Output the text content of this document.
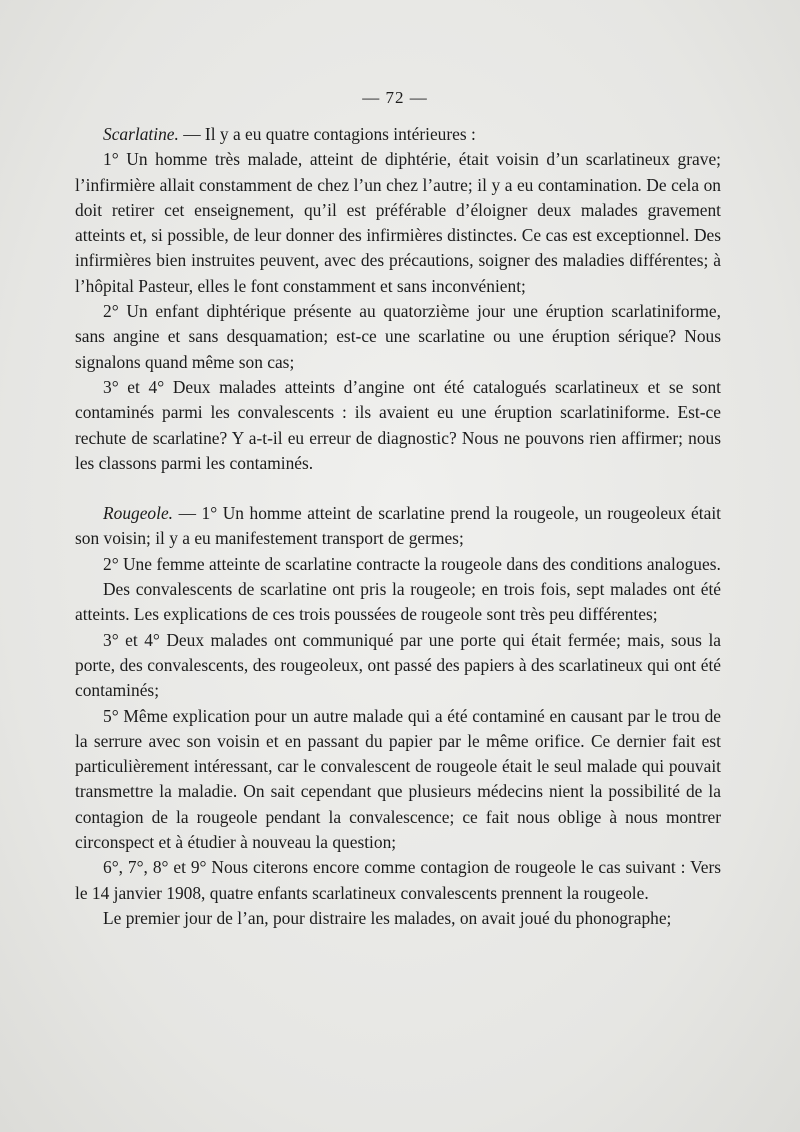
— 72 —

Scarlatine. — Il y a eu quatre contagions intérieures :

1° Un homme très malade, atteint de diphtérie, était voisin d’un scarlatineux grave; l’infirmière allait constamment de chez l’un chez l’autre; il y a eu contamination. De cela on doit retirer cet enseignement, qu’il est préférable d’éloigner deux malades gravement atteints et, si possible, de leur donner des infirmières distinctes. Ce cas est exceptionnel. Des infirmières bien instruites peuvent, avec des précautions, soigner des maladies différentes; à l’hôpital Pasteur, elles le font constamment et sans inconvénient;

2° Un enfant diphtérique présente au quatorzième jour une éruption scarlatiniforme, sans angine et sans desquamation; est-ce une scarlatine ou une éruption sérique? Nous signalons quand même son cas;

3° et 4° Deux malades atteints d’angine ont été catalogués scarlatineux et se sont contaminés parmi les convalescents : ils avaient eu une éruption scarlatiniforme. Est-ce rechute de scarlatine? Y a-t-il eu erreur de diagnostic? Nous ne pouvons rien affirmer; nous les classons parmi les contaminés.

Rougeole. — 1° Un homme atteint de scarlatine prend la rougeole, un rougeoleux était son voisin; il y a eu manifestement transport de germes;

2° Une femme atteinte de scarlatine contracte la rougeole dans des conditions analogues.

Des convalescents de scarlatine ont pris la rougeole; en trois fois, sept malades ont été atteints. Les explications de ces trois poussées de rougeole sont très peu différentes;

3° et 4° Deux malades ont communiqué par une porte qui était fermée; mais, sous la porte, des convalescents, des rougeoleux, ont passé des papiers à des scarlatineux qui ont été contaminés;

5° Même explication pour un autre malade qui a été contaminé en causant par le trou de la serrure avec son voisin et en passant du papier par le même orifice. Ce dernier fait est particulièrement intéressant, car le convalescent de rougeole était le seul malade qui pouvait transmettre la maladie. On sait cependant que plusieurs médecins nient la possibilité de la contagion de la rougeole pendant la convalescence; ce fait nous oblige à nous montrer circonspect et à étudier à nouveau la question;

6°, 7°, 8° et 9° Nous citerons encore comme contagion de rougeole le cas suivant : Vers le 14 janvier 1908, quatre enfants scarlatineux convalescents prennent la rougeole.

Le premier jour de l’an, pour distraire les malades, on avait joué du phonographe;
